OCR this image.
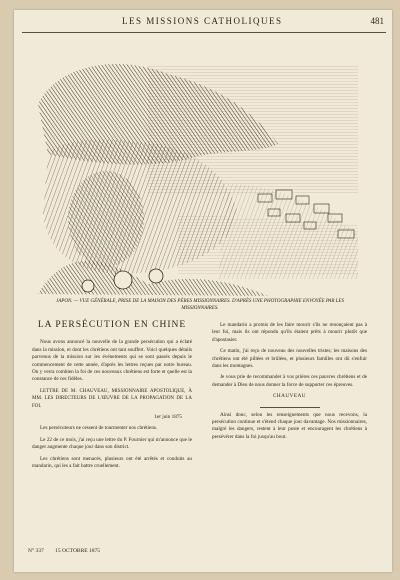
LES MISSIONS CATHOLIQUES	481
JAPON. — VUE GÉNÉRALE, PRISE DE LA MAISON DES PÈRES MISSIONNAIRES. D'APRÈS UNE PHOTOGRAPHIE ENVOYÉE PAR LES MISSIONNAIRES.
LA PERSÉCUTION EN CHINE

Nous avons annoncé la nouvelle de la grande persécution qui a éclaté dans la mission, et dont les chrétiens ont tant souffert. Voici quelques détails parvenus de la mission sur les événements qui se sont passés depuis le commencement de cette année, d'après les lettres reçues par notre bureau. On y verra combien la foi de ces nouveaux chrétiens est forte et quelle est la constance de ces fidèles.

LETTRE DE M. CHAUVEAU, MISSIONNAIRE APOSTOLIQUE, À MM. LES DIRECTEURS DE L'ŒUVRE DE LA PROPAGATION DE LA FOI.

1er juin 1875

Les persécuteurs ne cessent de tourmenter nos chrétiens.

Le 22 de ce mois, j'ai reçu une lettre du P. Fournier qui m'annonce que le danger augmente chaque jour dans son district.

Les chrétiens sont menacés, plusieurs ont été arrêtés et conduits au mandarin, qui les a fait battre cruellement.

Le mandarin a promis de les faire mourir s'ils ne renonçaient pas à leur foi, mais ils ont répondu qu'ils étaient prêts à mourir plutôt que d'apostasier.

Ce matin, j'ai reçu de nouveau des nouvelles tristes; les maisons des chrétiens ont été pillées et brûlées, et plusieurs familles ont dû s'enfuir dans les montagnes.

Je vous prie de recommander à vos prières ces pauvres chrétiens et de demander à Dieu de nous donner la force de supporter ces épreuves.

CHAUVEAU

Ainsi donc, selon les renseignements que nous recevons, la persécution continue et s'étend chaque jour davantage. Nos missionnaires, malgré les dangers, restent à leur poste et encouragent les chrétiens à persévérer dans la foi jusqu'au bout.

N° 337 15 OCTOBRE 1875
